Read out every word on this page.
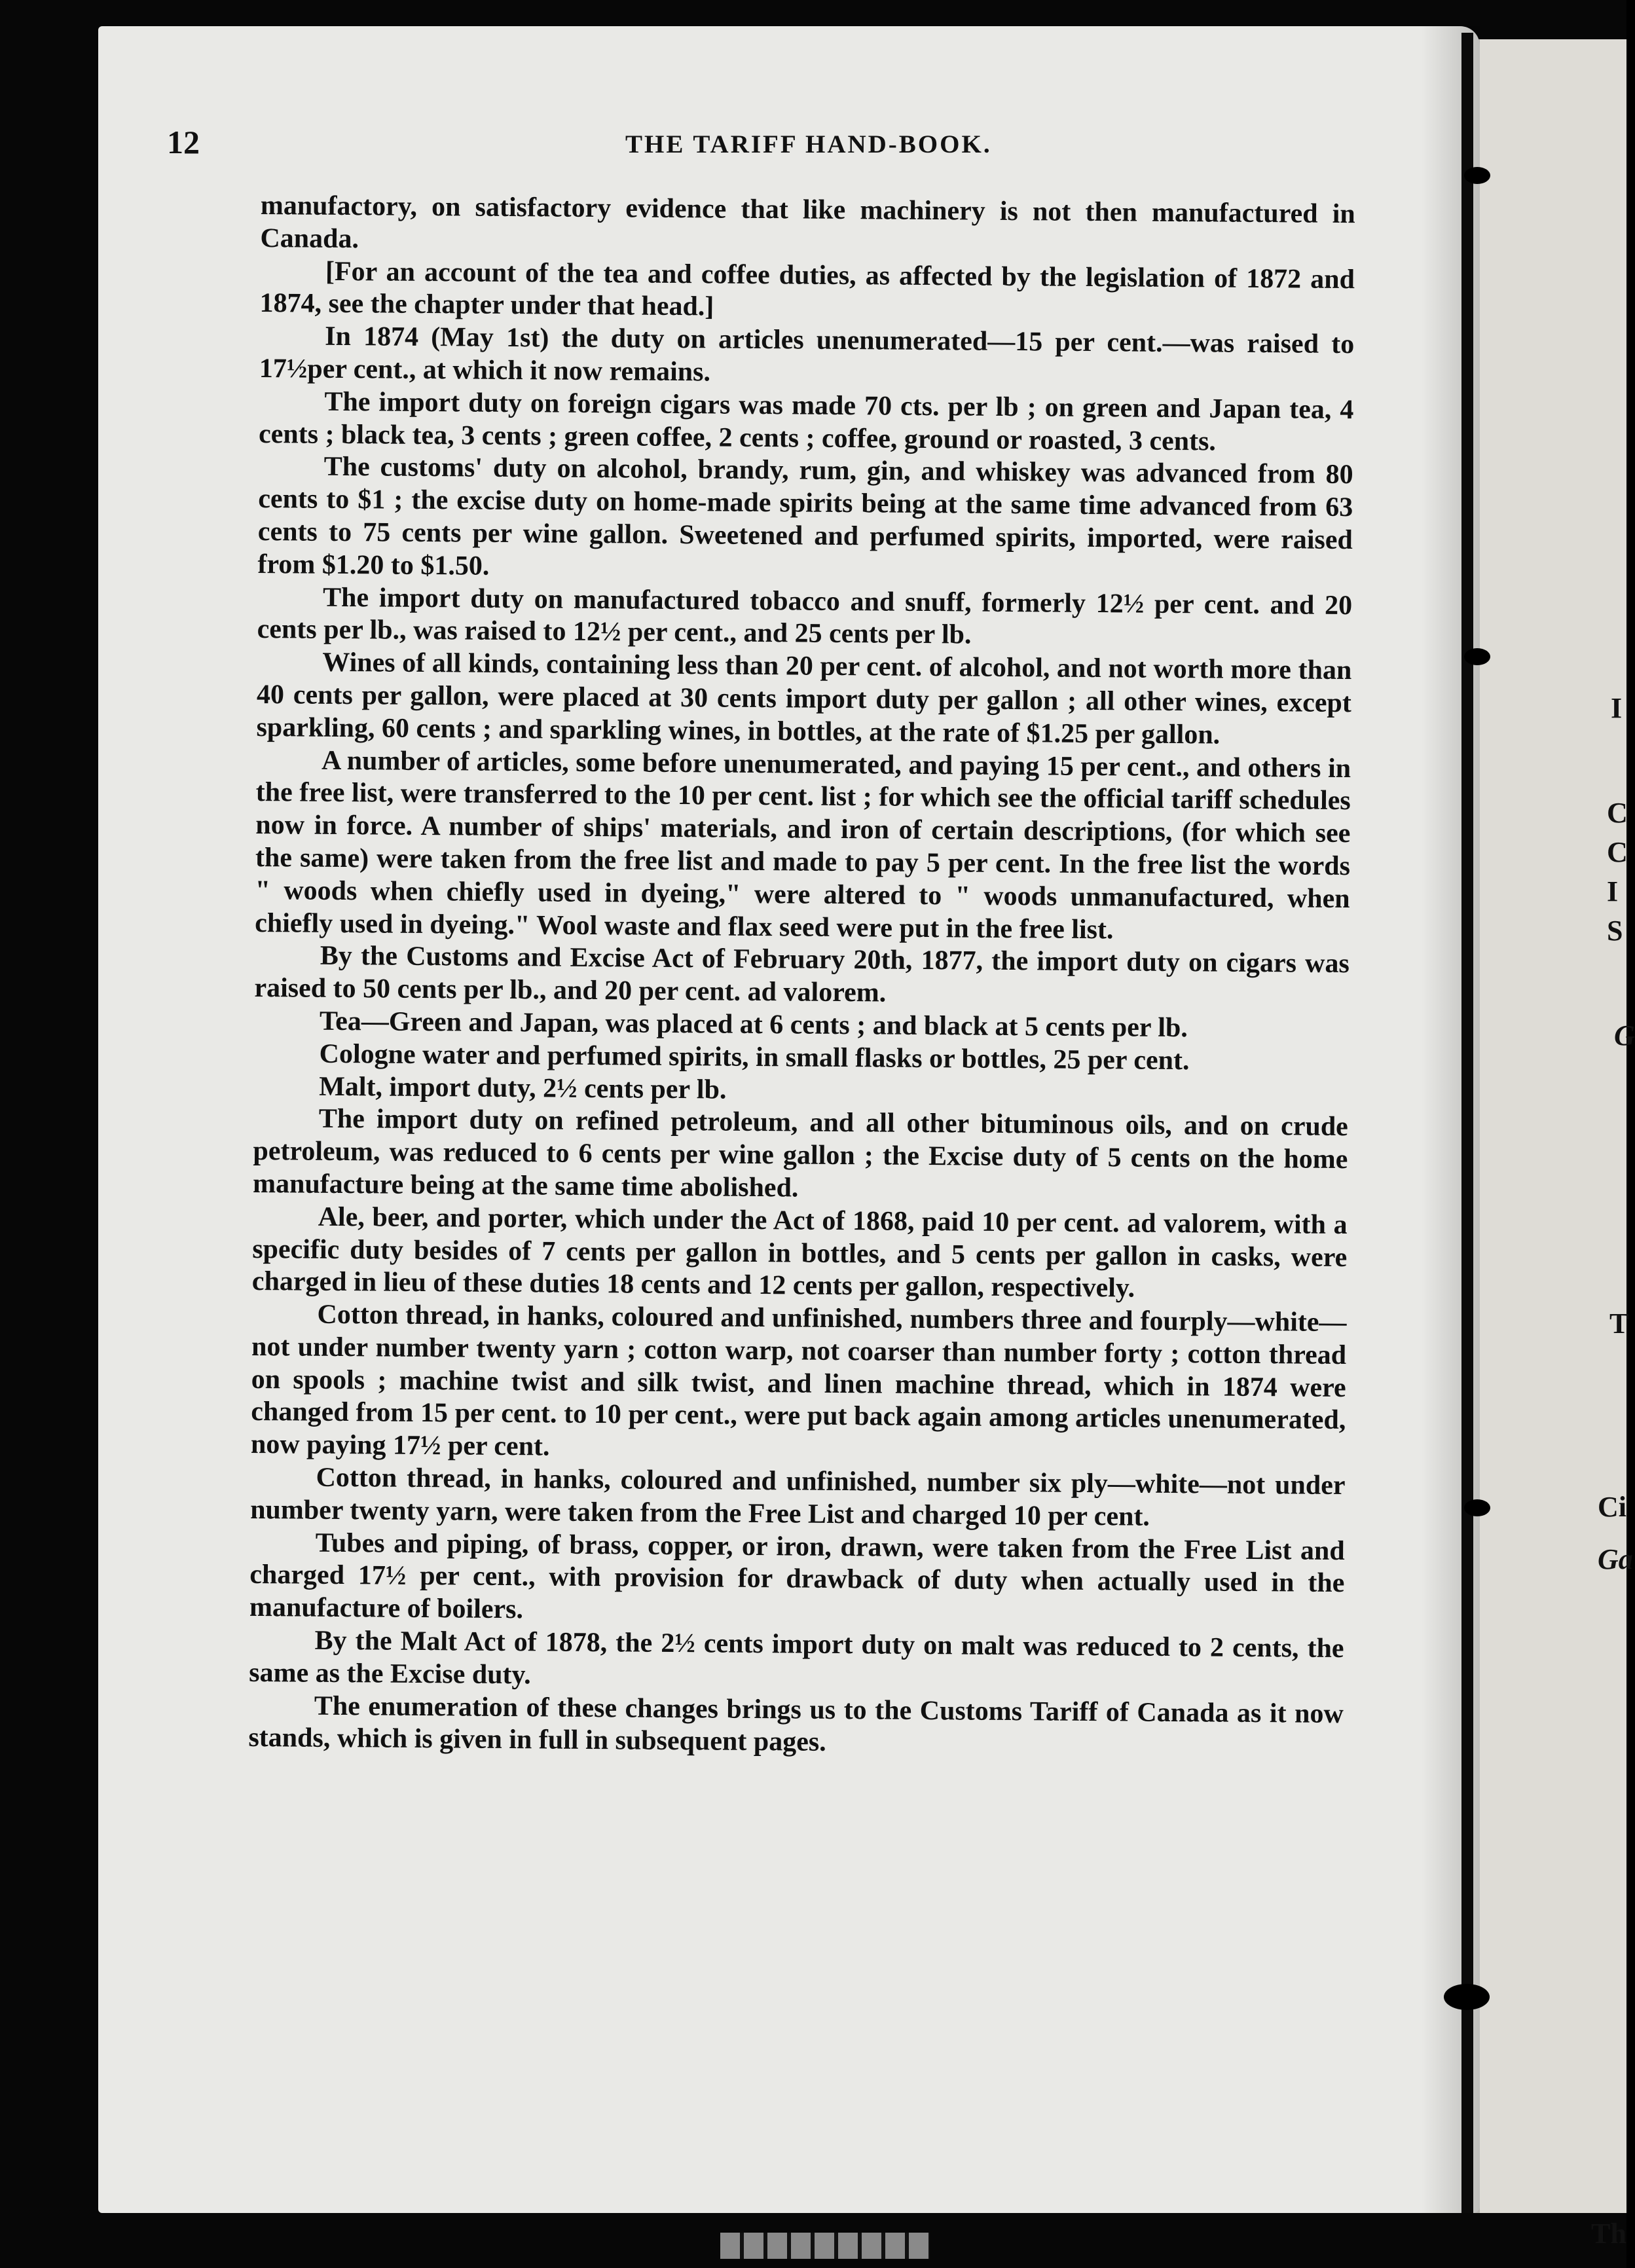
I
C
C
I
S
G
T
Ci
Ga
Th
12	THE TARIFF HAND-BOOK.

manufactory, on satisfactory evidence that like machinery is not then manufactured in Canada.

[For an account of the tea and coffee duties, as affected by the legislation of 1872 and 1874, see the chapter under that head.]

In 1874 (May 1st) the duty on articles unenumerated—15 per cent.—was raised to 17½per cent., at which it now remains.

The import duty on foreign cigars was made 70 cts. per lb ; on green and Japan tea, 4 cents ; black tea, 3 cents ; green coffee, 2 cents ; coffee, ground or roasted, 3 cents.

The customs' duty on alcohol, brandy, rum, gin, and whiskey was advanced from 80 cents to $1 ; the excise duty on home-made spirits being at the same time advanced from 63 cents to 75 cents per wine gallon. Sweetened and perfumed spirits, imported, were raised from $1.20 to $1.50.

The import duty on manufactured tobacco and snuff, formerly 12½ per cent. and 20 cents per lb., was raised to 12½ per cent., and 25 cents per lb.

Wines of all kinds, containing less than 20 per cent. of alcohol, and not worth more than 40 cents per gallon, were placed at 30 cents import duty per gallon ; all other wines, except sparkling, 60 cents ; and sparkling wines, in bottles, at the rate of $1.25 per gallon.

A number of articles, some before unenumerated, and paying 15 per cent., and others in the free list, were transferred to the 10 per cent. list ; for which see the official tariff schedules now in force. A number of ships' materials, and iron of certain descriptions, (for which see the same) were taken from the free list and made to pay 5 per cent. In the free list the words " woods when chiefly used in dyeing," were altered to " woods unmanufactured, when chiefly used in dyeing." Wool waste and flax seed were put in the free list.

By the Customs and Excise Act of February 20th, 1877, the import duty on cigars was raised to 50 cents per lb., and 20 per cent. ad valorem.

Tea—Green and Japan, was placed at 6 cents ; and black at 5 cents per lb.

Cologne water and perfumed spirits, in small flasks or bottles, 25 per cent.

Malt, import duty, 2½ cents per lb.

The import duty on refined petroleum, and all other bituminous oils, and on crude petroleum, was reduced to 6 cents per wine gallon ; the Excise duty of 5 cents on the home manufacture being at the same time abolished.

Ale, beer, and porter, which under the Act of 1868, paid 10 per cent. ad valorem, with a specific duty besides of 7 cents per gallon in bottles, and 5 cents per gallon in casks, were charged in lieu of these duties 18 cents and 12 cents per gallon, respectively.

Cotton thread, in hanks, coloured and unfinished, numbers three and fourply—white—not under number twenty yarn ; cotton warp, not coarser than number forty ; cotton thread on spools ; machine twist and silk twist, and linen machine thread, which in 1874 were changed from 15 per cent. to 10 per cent., were put back again among articles unenumerated, now paying 17½ per cent.

Cotton thread, in hanks, coloured and unfinished, number six ply—white—not under number twenty yarn, were taken from the Free List and charged 10 per cent.

Tubes and piping, of brass, copper, or iron, drawn, were taken from the Free List and charged 17½ per cent., with provision for drawback of duty when actually used in the manufacture of boilers.

By the Malt Act of 1878, the 2½ cents import duty on malt was reduced to 2 cents, the same as the Excise duty.

The enumeration of these changes brings us to the Customs Tariff of Canada as it now stands, which is given in full in subsequent pages.
